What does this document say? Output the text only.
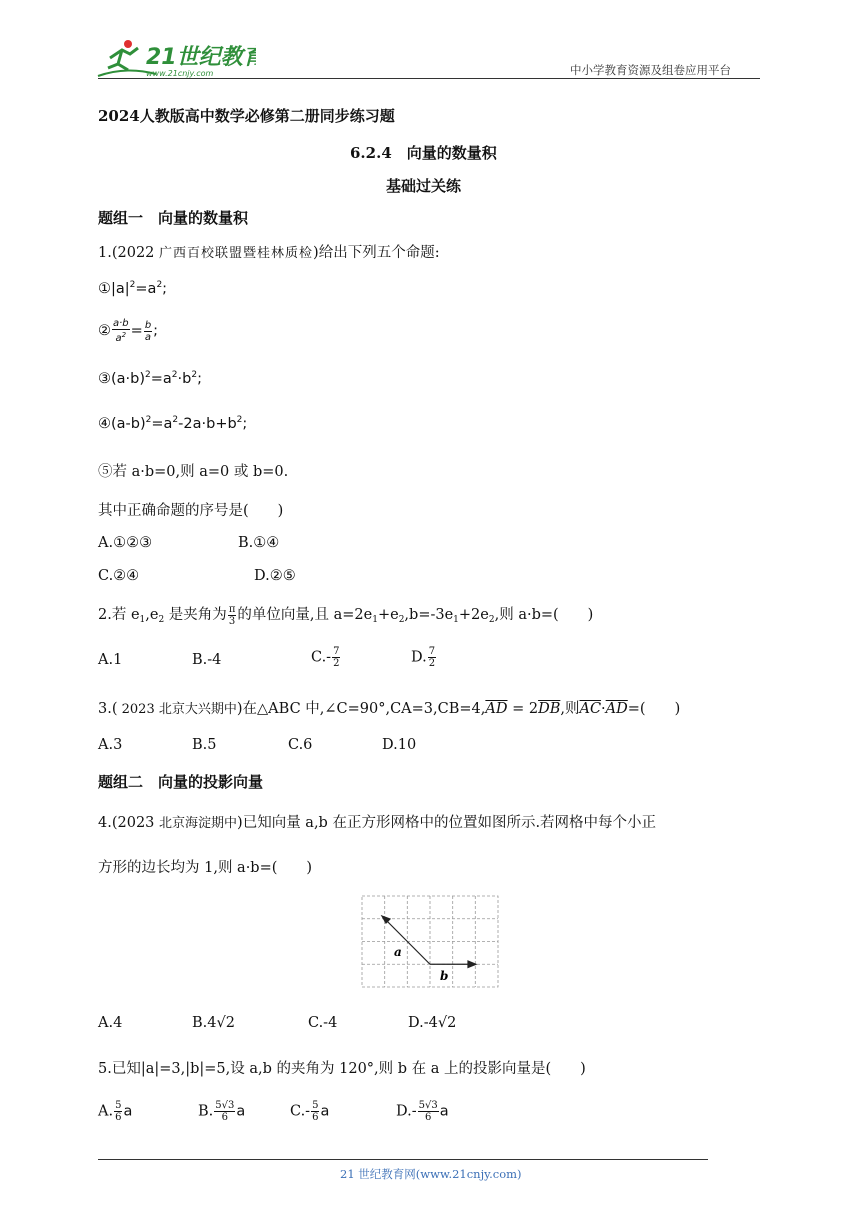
21世纪教育
www.21cnjy.com	中小学教育资源及组卷应用平台
2024人教版高中数学必修第二册同步练习题
6.2.4　向量的数量积
基础过关练
题组一　向量的数量积
1.(2022 广西百校联盟暨桂林质检)给出下列五个命题:
$①|a|^2=a^2$;
② $\frac{a\cdot b}{a^2} = \frac{b}{a}$ ;
$③(a\cdot b)^2=a^2\cdot b^2$;
$④(a-b)^2=a^2-2a\cdot b+b^2$;
⑤若 a·b=0,则 a=0 或 b=0.
其中正确命题的序号是(　　)
A.①②③	B.①④
C.②④	D.②⑤
2.若 $e_1,e_2$ 是夹角为 $\frac{\pi}{3}$ 的单位向量,且 $a=2e_1+e_2,b=-3e_1+2e_2$,则 a·b=(　　)
A.1	B.-4	$C.- \frac{7}{2}$	D. $\frac{7}{2}$
3.( 2023 北京大兴期中)在△ABC 中$,\angle C=90^\circ,CA=3,CB=4,\overline{AD} = 2\overline{DB}$,则$\overline{AC}\cdot\overline{AD}=$(　　)
A.3	B.5	C.6	D.10
题组二　向量的投影向量
4.(2023 北京海淀期中)已知向量 a,b 在正方形网格中的位置如图所示.若网格中每个小正
方形的边长均为 1,则 a·b=(　　)
a
b
A.4	B.4√2	C.-4	D.-4√2
5.已知|a|=3,|b|=5,设 a,b 的夹角为 120°,则 b 在 a 上的投影向量是(　　)
A. $\frac{5}{6}$ a	B. $\frac{5√3}{6}$ a	$C.- \frac{5}{6}$ a	$D.- \frac{5√3}{6}$ a
21 世纪教育网(www.21cnjy.com)
